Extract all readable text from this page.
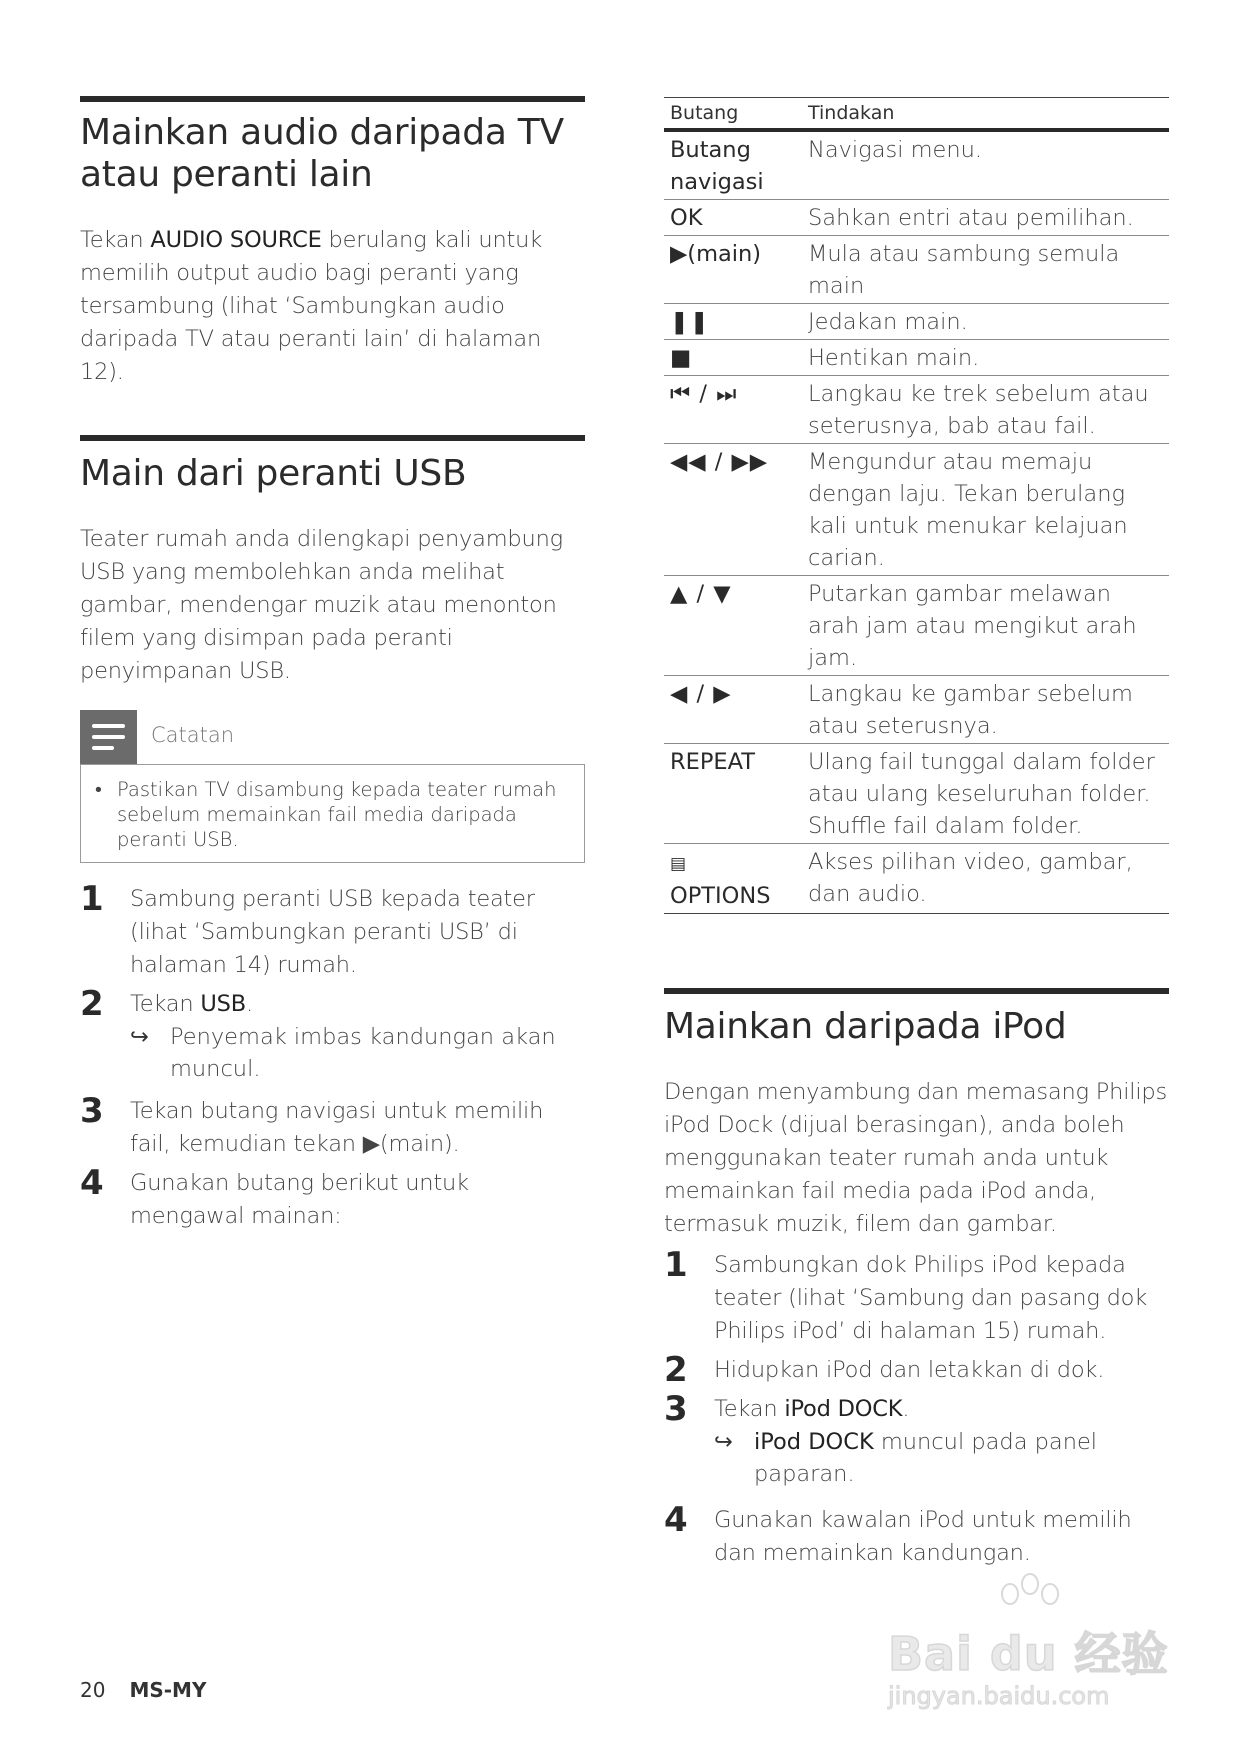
Mainkan audio daripada TV
atau peranti lain

Tekan AUDIO SOURCE berulang kali untuk memilih output audio bagi peranti yang tersambung (lihat ‘Sambungkan audio daripada TV atau peranti lain’ di halaman 12).

Main dari peranti USB

Teater rumah anda dilengkapi penyambung USB yang membolehkan anda melihat gambar, mendengar muzik atau menonton filem yang disimpan pada peranti penyimpanan USB.

Catatan
• Pastikan TV disambung kepada teater rumah sebelum memainkan fail media daripada peranti USB.
1 Sambung peranti USB kepada teater (lihat ‘Sambungkan peranti USB’ di halaman 14) rumah.
2 Tekan USB.
↪ Penyemak imbas kandungan akan muncul.
3 Tekan butang navigasi untuk memilih fail, kemudian tekan ▶(main).
4 Gunakan butang berikut untuk mengawal mainan:
Butang	Tindakan
Butang navigasi	Navigasi menu.
OK	Sahkan entri atau pemilihan.
▶(main)	Mula atau sambung semula main
❚❚	Jedakan main.
■	Hentikan main.
⏮ / ⏭	Langkau ke trek sebelum atau seterusnya, bab atau fail.
◀◀ / ▶▶	Mengundur atau memaju dengan laju. Tekan berulang kali untuk menukar kelajuan carian.
▲ / ▼	Putarkan gambar melawan arah jam atau mengikut arah jam.
◀ / ▶	Langkau ke gambar sebelum atau seterusnya.
REPEAT	Ulang fail tunggal dalam folder atau ulang keseluruhan folder. Shuffle fail dalam folder.
▤
OPTIONS	Akses pilihan video, gambar, dan audio.
Mainkan daripada iPod

Dengan menyambung dan memasang Philips iPod Dock (dijual berasingan), anda boleh menggunakan teater rumah anda untuk memainkan fail media pada iPod anda, termasuk muzik, filem dan gambar.

1 Sambungkan dok Philips iPod kepada teater (lihat ‘Sambung dan pasang dok Philips iPod’ di halaman 15) rumah.
2 Hidupkan iPod dan letakkan di dok.
3 Tekan iPod DOCK.
↪ iPod DOCK muncul pada panel paparan.
4 Gunakan kawalan iPod untuk memilih dan memainkan kandungan.
20 MS-MY
Bai du 经验
jingyan.baidu.com
